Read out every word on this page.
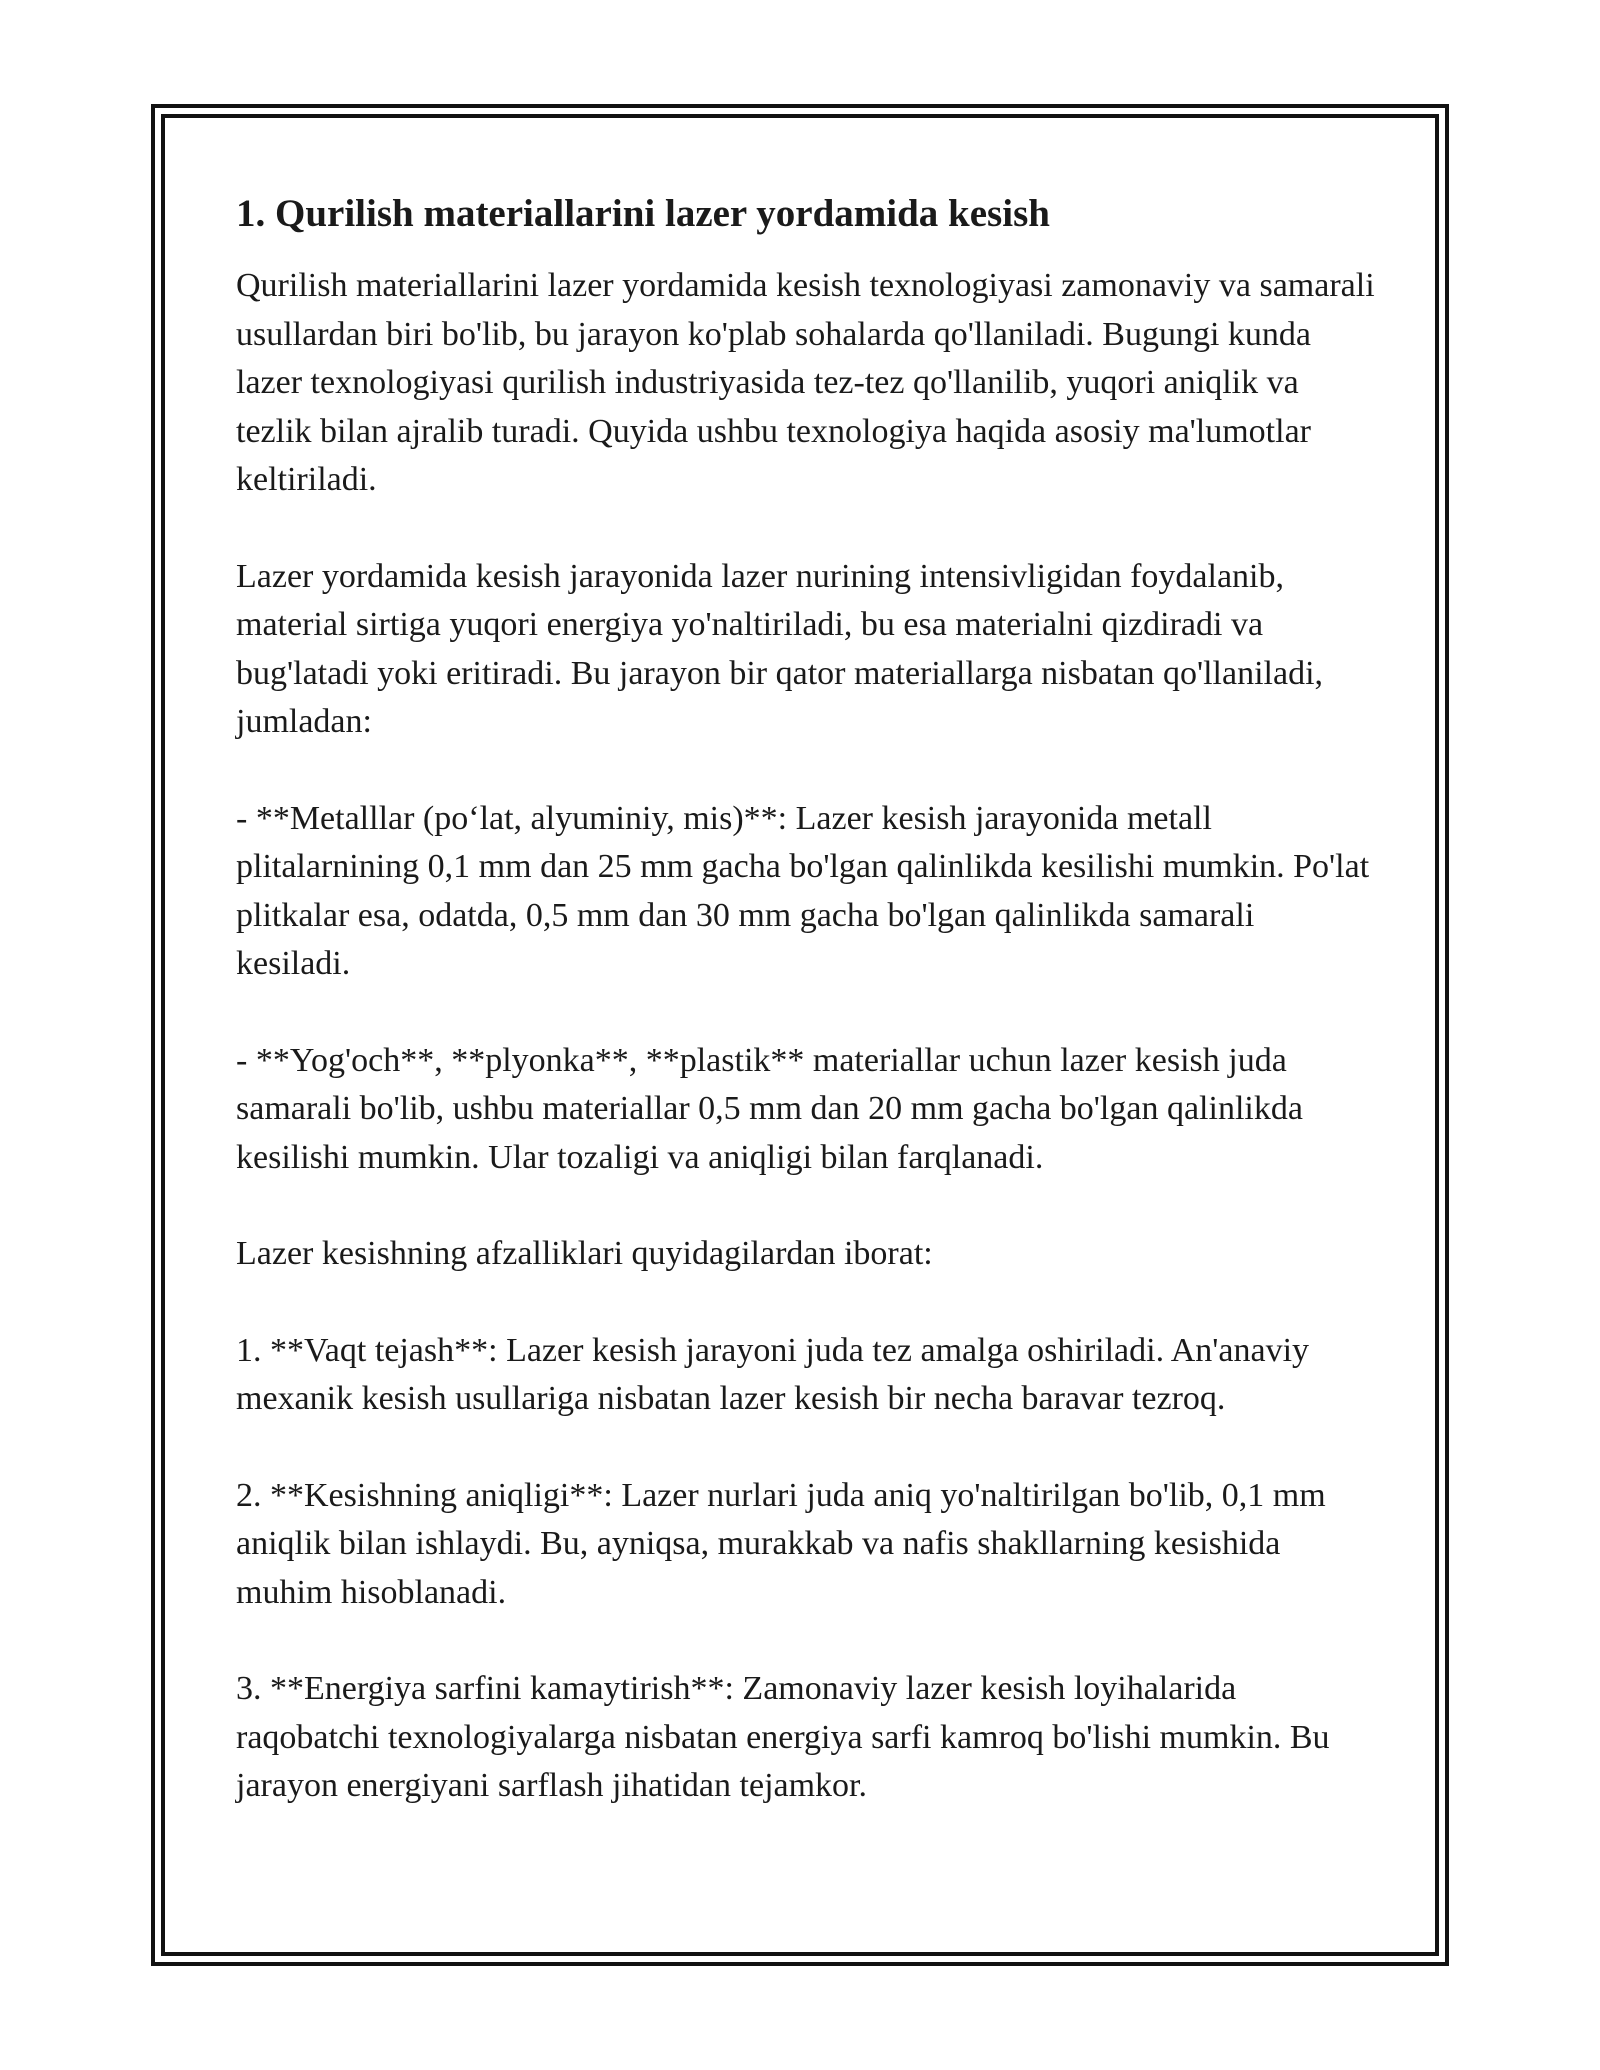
1. Qurilish materiallarini lazer yordamida kesish

Qurilish materiallarini lazer yordamida kesish texnologiyasi zamonaviy va samarali usullardan biri bo'lib, bu jarayon ko'plab sohalarda qo'llaniladi. Bugungi kunda lazer texnologiyasi qurilish industriyasida tez-tez qo'llanilib, yuqori aniqlik va tezlik bilan ajralib turadi. Quyida ushbu texnologiya haqida asosiy ma'lumotlar keltiriladi.

Lazer yordamida kesish jarayonida lazer nurining intensivligidan foydalanib, material sirtiga yuqori energiya yo'naltiriladi, bu esa materialni qizdiradi va bug'latadi yoki eritiradi. Bu jarayon bir qator materiallarga nisbatan qo'llaniladi, jumladan:

- **Metalllar (po‘lat, alyuminiy, mis)**: Lazer kesish jarayonida metall plitalarnining 0,1 mm dan 25 mm gacha bo'lgan qalinlikda kesilishi mumkin. Po'lat plitkalar esa, odatda, 0,5 mm dan 30 mm gacha bo'lgan qalinlikda samarali kesiladi.

- **Yog'och**, **plyonka**, **plastik** materiallar uchun lazer kesish juda samarali bo'lib, ushbu materiallar 0,5 mm dan 20 mm gacha bo'lgan qalinlikda kesilishi mumkin. Ular tozaligi va aniqligi bilan farqlanadi.

Lazer kesishning afzalliklari quyidagilardan iborat:

1. **Vaqt tejash**: Lazer kesish jarayoni juda tez amalga oshiriladi. An'anaviy mexanik kesish usullariga nisbatan lazer kesish bir necha baravar tezroq.

2. **Kesishning aniqligi**: Lazer nurlari juda aniq yo'naltirilgan bo'lib, 0,1 mm aniqlik bilan ishlaydi. Bu, ayniqsa, murakkab va nafis shakllarning kesishida muhim hisoblanadi.

3. **Energiya sarfini kamaytirish**: Zamonaviy lazer kesish loyihalarida raqobatchi texnologiyalarga nisbatan energiya sarfi kamroq bo'lishi mumkin. Bu jarayon energiyani sarflash jihatidan tejamkor.
